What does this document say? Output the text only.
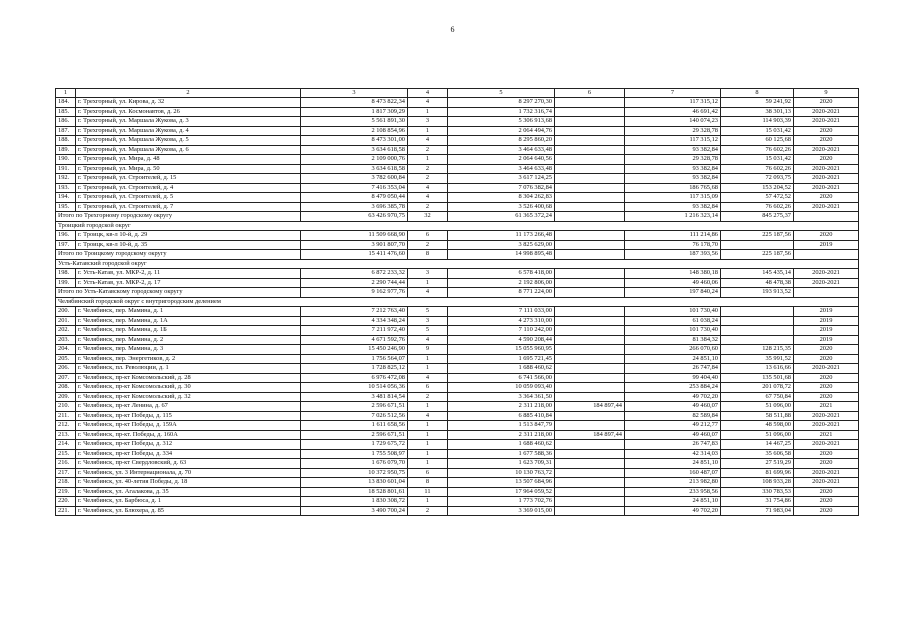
6
1	2	3	4	5	6	7	8	9
184.	г. Трехгорный, ул. Кирова, д. 32	8 473 822,34	4	8 297 270,30		117 315,12	59 241,92	2020
185.	г. Трехгорный, ул. Космонавтов, д. 26	1 817 309,29	1	1 732 316,74		46 691,42	38 301,13	2020-2021
186.	г. Трехгорный, ул. Маршала Жукова, д. 3	5 561 891,30	3	5 306 913,68		140 074,23	114 903,39	2020-2021
187.	г. Трехгорный, ул. Маршала Жукова, д. 4	2 108 854,96	1	2 064 494,76		29 328,78	15 031,42	2020
188.	г. Трехгорный, ул. Маршала Жукова, д. 5	8 473 301,00	4	8 295 860,20		117 315,12	60 125,68	2020
189.	г. Трехгорный, ул. Маршала Жукова, д. 6	3 634 618,58	2	3 464 633,48		93 382,84	76 602,26	2020-2021
190.	г. Трехгорный, ул. Мира, д. 48	2 109 000,76	1	2 064 640,56		29 328,78	15 031,42	2020
191.	г. Трехгорный, ул. Мира, д. 50	3 634 618,58	2	3 464 633,48		93 382,84	76 602,26	2020-2021
192.	г. Трехгорный, ул. Строителей, д. 15	3 782 600,84	2	3 617 124,25		93 382,84	72 093,75	2020-2021
193.	г. Трехгорный, ул. Строителей, д. 4	7 416 353,04	4	7 076 382,84		186 765,68	153 204,52	2020-2021
194.	г. Трехгорный, ул. Строителей, д. 5	8 479 050,44	4	8 304 262,83		117 315,09	57 472,52	2020
195.	г. Трехгорный, ул. Строителей, д. 7	3 696 385,78	2	3 526 400,68		93 382,84	76 602,26	2020-2021
Итого по Трехгорному городскому округу		63 426 970,75	32	61 365 372,24		1 216 323,14	845 275,37	
Троицкий городской округ								
196.	г. Троицк, кв-л 10-й, д. 29	11 509 668,90	6	11 173 266,48		111 214,86	225 187,56	2020
197.	г. Троицк, кв-л 10-й, д. 35	3 901 807,70	2	3 825 629,00		76 178,70		2019
Итого по Троицкому городскому округу		15 411 476,60	8	14 998 895,48		187 393,56	225 187,56	
Усть-Катавский городской округ								
198.	г. Усть-Катав, ул. МКР-2, д. 11	6 872 233,32	3	6 578 418,00		148 380,18	145 435,14	2020-2021
199.	г. Усть-Катав, ул. МКР-2, д. 17	2 290 744,44	1	2 192 806,00		49 460,06	48 478,38	2020-2021
Итого по Усть-Катавскому городскому округу		9 162 977,76	4	8 771 224,00		197 840,24	193 913,52	
Челябинский городской округ с внутригородским делением								
200.	г. Челябинск, пер. Мамина, д. 1	7 212 763,40	5	7 111 033,00		101 730,40		2019
201.	г. Челябинск, пер. Мамина, д. 1А	4 334 348,24	3	4 273 310,00		61 038,24		2019
202.	г. Челябинск, пер. Мамина, д. 1Б	7 211 972,40	5	7 110 242,00		101 730,40		2019
203.	г. Челябинск, пер. Мамина, д. 2	4 671 592,76	4	4 590 208,44		81 384,32		2019
204.	г. Челябинск, пер. Мамина, д. 3	15 450 246,90	9	15 055 960,95		266 070,60	128 215,35	2020
205.	г. Челябинск, пер. Энергетиков, д. 2	1 756 564,07	1	1 695 721,45		24 851,10	35 991,52	2020
206.	г. Челябинск, пл. Революции, д. 1	1 728 825,12	1	1 688 460,62		26 747,84	13 616,66	2020-2021
207.	г. Челябинск, пр-кт Комсомольский, д. 28	6 976 472,08	4	6 741 566,00		99 404,40	135 501,68	2020
208.	г. Челябинск, пр-кт Комсомольский, д. 30	10 514 056,36	6	10 059 093,40		253 884,24	201 078,72	2020
209.	г. Челябинск, пр-кт Комсомольский, д. 32	3 481 814,54	2	3 364 361,50		49 702,20	67 750,84	2020
210.	г. Челябинск, пр-кт Ленина, д. 67	2 596 671,51	1	2 311 218,00	184 897,44	49 460,07	51 096,00	2021
211.	г. Челябинск, пр-кт Победы, д. 115	7 026 512,56	4	6 885 410,84		82 589,84	58 511,88	2020-2021
212.	г. Челябинск, пр-кт Победы, д. 159А	1 611 658,56	1	1 513 847,79		49 212,77	48 598,00	2020-2021
213.	г. Челябинск, пр-кт. Победы, д. 160А	2 596 671,51	1	2 311 218,00	184 897,44	49 460,07	51 096,00	2021
214.	г. Челябинск, пр-кт Победы, д. 312	1 729 675,72	1	1 688 460,62		26 747,83	14 467,25	2020-2021
215.	г. Челябинск, пр-кт Победы, д. 334	1 755 508,97	1	1 677 588,36		42 314,03	35 606,58	2020
216.	г. Челябинск, пр-кт Свердловский, д. 63	1 676 079,70	1	1 623 709,31		24 851,10	27 519,29	2020
217.	г. Челябинск, ул. 3 Интернационала, д. 70	10 372 950,75	6	10 130 763,72		160 487,07	81 699,96	2020-2021
218.	г. Челябинск, ул. 40-летия Победы, д. 18	13 830 601,04	8	13 507 684,96		213 982,80	108 933,28	2020-2021
219.	г. Челябинск, ул. Агалакова, д. 35	18 528 801,61	11	17 964 059,52		233 958,56	330 783,53	2020
220.	г. Челябинск, ул. Барбюса, д. 1	1 830 308,72	1	1 773 702,76		24 851,10	31 754,86	2020
221.	г. Челябинск, ул. Блюхера, д. 85	3 490 700,24	2	3 369 015,00		49 702,20	71 983,04	2020
